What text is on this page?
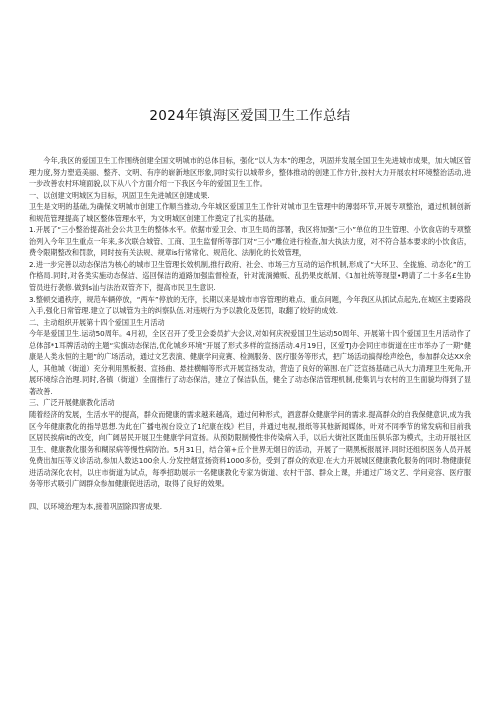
2024年镇海区爱国卫生工作总结

今年,我区的爱国卫生工作围绕创建全国文明城市的总体目标，强化“以人为本”的理念，巩固并发展全国卫生先进城市成果，加大城区管理力度,努力塑造美丽、整齐、文明、有序的崭新地区形象,同时实行以城带乡，整体推动的创建工作方针,按村大力开展农村环境整治活动,进一步改善农村环境面貌,以下从八个方面介绍一下我区今年的爱国卫生工作。

一、以创建文明城区为目标，巩固卫生先进城区创建成果.

卫生是文明的基础,为确保文明城市创建工作顺当推动,今年城区爱国卫生工作针对城市卫生管理中的薄弱环节,开展专项整治，通过机制创新和规范管理提高了城区整体管理水平，为文明城区创建工作奠定了扎实的基础。

1.开展了“三小整治提高社会公共卫生的整体水平。依据市爱卫会、市卫生局的部署，我区将加强“三小”单位的卫生管理、小饮食店的专项整治列入今年卫生重点一年来,多次联合城管、工商、卫生监督所等部门对“三小”雕位进行检查,加大执法力度，对不符合基本要求的小饮食店，费令限期整改和罚款，同时按有关法规、规章is行常常化、规范化、法制化的长效管理，

2.进一步完善以动态保洁为核心的城市卫生管理长效机制,推行政府、社会、市场三方互动的运作机制,形成了“大环卫、全拢施、动态化”的工作格局.同时,对各类实施动态保洁、巡回保洁的道路加强监督检查，针对流淌摊贩、乱扔果皮纸屑、《1加社统等现望•聘请了二十多名£生协管员进行袭修.做到s汕与法治双管齐下，提高市民卫生意识.

3.整顿交通秩序，规范车辆停放，“两车”停放的无序，长期以来是城市市容管理的难点、重点问题，今年我区从抓试点起先,在城区主要路段入手,强化日常管理.建立了以城管为主的纠察队伍.对违规行为予以教化及惩罚，取翻了较好的成效.

二、主动组织开展第十四个爱国卫生月活动

今年是爱国卫生.运动50周年。4月初，全区召开了受卫会委员扩大会议,对如何庆祝爱国卫生运动50周年、开展第十四个爱国卫生月活动作了总体部*1耳牌活动的主题“实旗动态保洁,优化城乡环境”开展了形式多样的宣扬活动.4月19日，区爱TJ办会同庄市街道在庄市举办了一期“健康是人类永恒的主题”的广场活动，通过文艺表演、健康学问竞赛、检测服务、医疗服务等形式，把广场活动搞得绘声绘色，参加群众达XX余人，其他城（街道）充分利用黑板报、宣扬曲、悬挂横幅等形式开展宣扬发动，营造了良好的第围.在广泛宣扬基础己从大力清理卫生死角,开展环境综合治理.同时,各镇（街道）全面推行了动态保洁，建立了保洁队伍，健全了动态保洁管理机制,使集讥与农村的卫生面貌均得到了显著改善.

三、广泛开展健康教化活动

随着经济的发展，生活水平的提高，群众而健康的需求越来越高，通过何种形式，酒意群众健康学问的需求.提高群众的自我保健意识,成为我区今年健康教化的指导思想.为此在广播电视台设立了1纪康在线》栏目，并通过电视,报纸等其他新闻媒体，叶对不同季节的常发病和目前我区居民挨病it的改变，向广阔居民开展卫生健康学问宣扬。从预防限制慢性非传染病入手，以后大街社区既血压俱乐部为模式，主动开展社区卫生、健康教化服务和糊尿病等慢性病防治。5月31日，结合第+丘个世界无烟日的活动，开展了一期黑板报展评.同时还组织医务人员开展免费出加压等义诊活动,参加人数达100余人.分发控烟宣扬资料1000多份，受到了群众的欢迎.在大力开展城区健康教化服务的同时.物健康促进活动深化农村，以庄市街道为试点，每季招助展示一名健康教化专家为街道、农村干部、群众上课，并通过广场文艺、学问竞容、医疗服务等形式吸引广阔群众参加健康促进活动，取得了良好的效果。

四、以环境治理为本,接着巩固除四害成果.
